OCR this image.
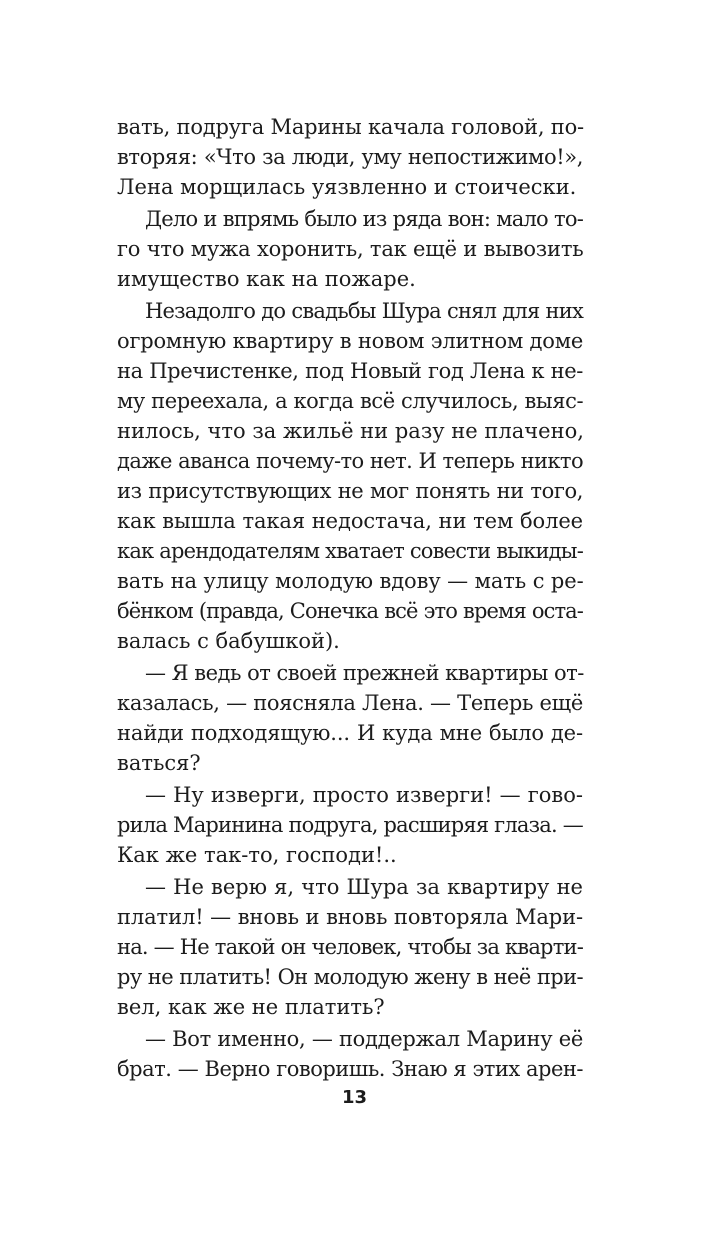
вать, подруга Марины качала головой, по-
вторяя: «Что за люди, уму непостижимо!»,
Лена морщилась уязвленно и стоически.
Дело и впрямь было из ряда вон: мало то-
го что мужа хоронить, так ещё и вывозить
имущество как на пожаре.
Незадолго до свадьбы Шура снял для них
огромную квартиру в новом элитном доме
на Пречистенке, под Новый год Лена к не-
му переехала, а когда всё случилось, выяс-
нилось, что за жильё ни разу не плачено,
даже аванса почему-то нет. И теперь никто
из присутствующих не мог понять ни того,
как вышла такая недостача, ни тем более
как арендодателям хватает совести выкиды-
вать на улицу молодую вдову — мать с ре-
бёнком (правда, Сонечка всё это время оста-
валась с бабушкой).
— Я ведь от своей прежней квартиры от-
казалась, — поясняла Лена. — Теперь ещё
найди подходящую... И куда мне было де-
ваться?
— Ну изверги, просто изверги! — гово-
рила Маринина подруга, расширяя глаза. —
Как же так-то, господи!..
— Не верю я, что Шура за квартиру не
платил! — вновь и вновь повторяла Мари-
на. — Не такой он человек, чтобы за кварти-
ру не платить! Он молодую жену в неё при-
вел, как же не платить?
— Вот именно, — поддержал Марину её
брат. — Верно говоришь. Знаю я этих арен-
13
